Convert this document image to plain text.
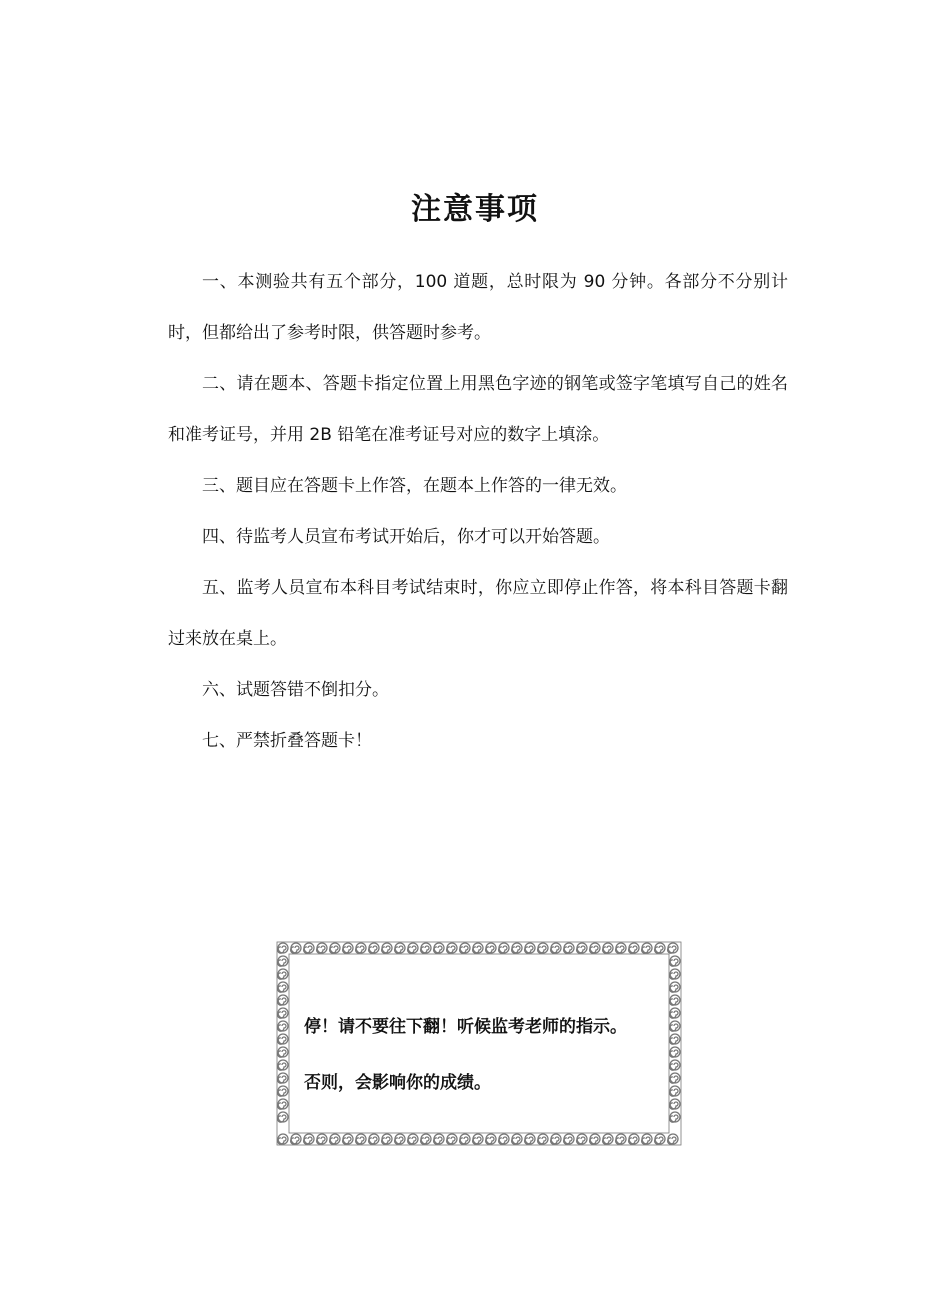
注意事项

一、本测验共有五个部分，100 道题，总时限为 90 分钟。各部分不分别计时，但都给出了参考时限，供答题时参考。

二、请在题本、答题卡指定位置上用黑色字迹的钢笔或签字笔填写自己的姓名和准考证号，并用 2B 铅笔在准考证号对应的数字上填涂。

三、题目应在答题卡上作答，在题本上作答的一律无效。

四、待监考人员宣布考试开始后，你才可以开始答题。

五、监考人员宣布本科目考试结束时，你应立即停止作答，将本科目答题卡翻过来放在桌上。

六、试题答错不倒扣分。

七、严禁折叠答题卡！

停！请不要往下翻！听候监考老师的指示。

否则，会影响你的成绩。
